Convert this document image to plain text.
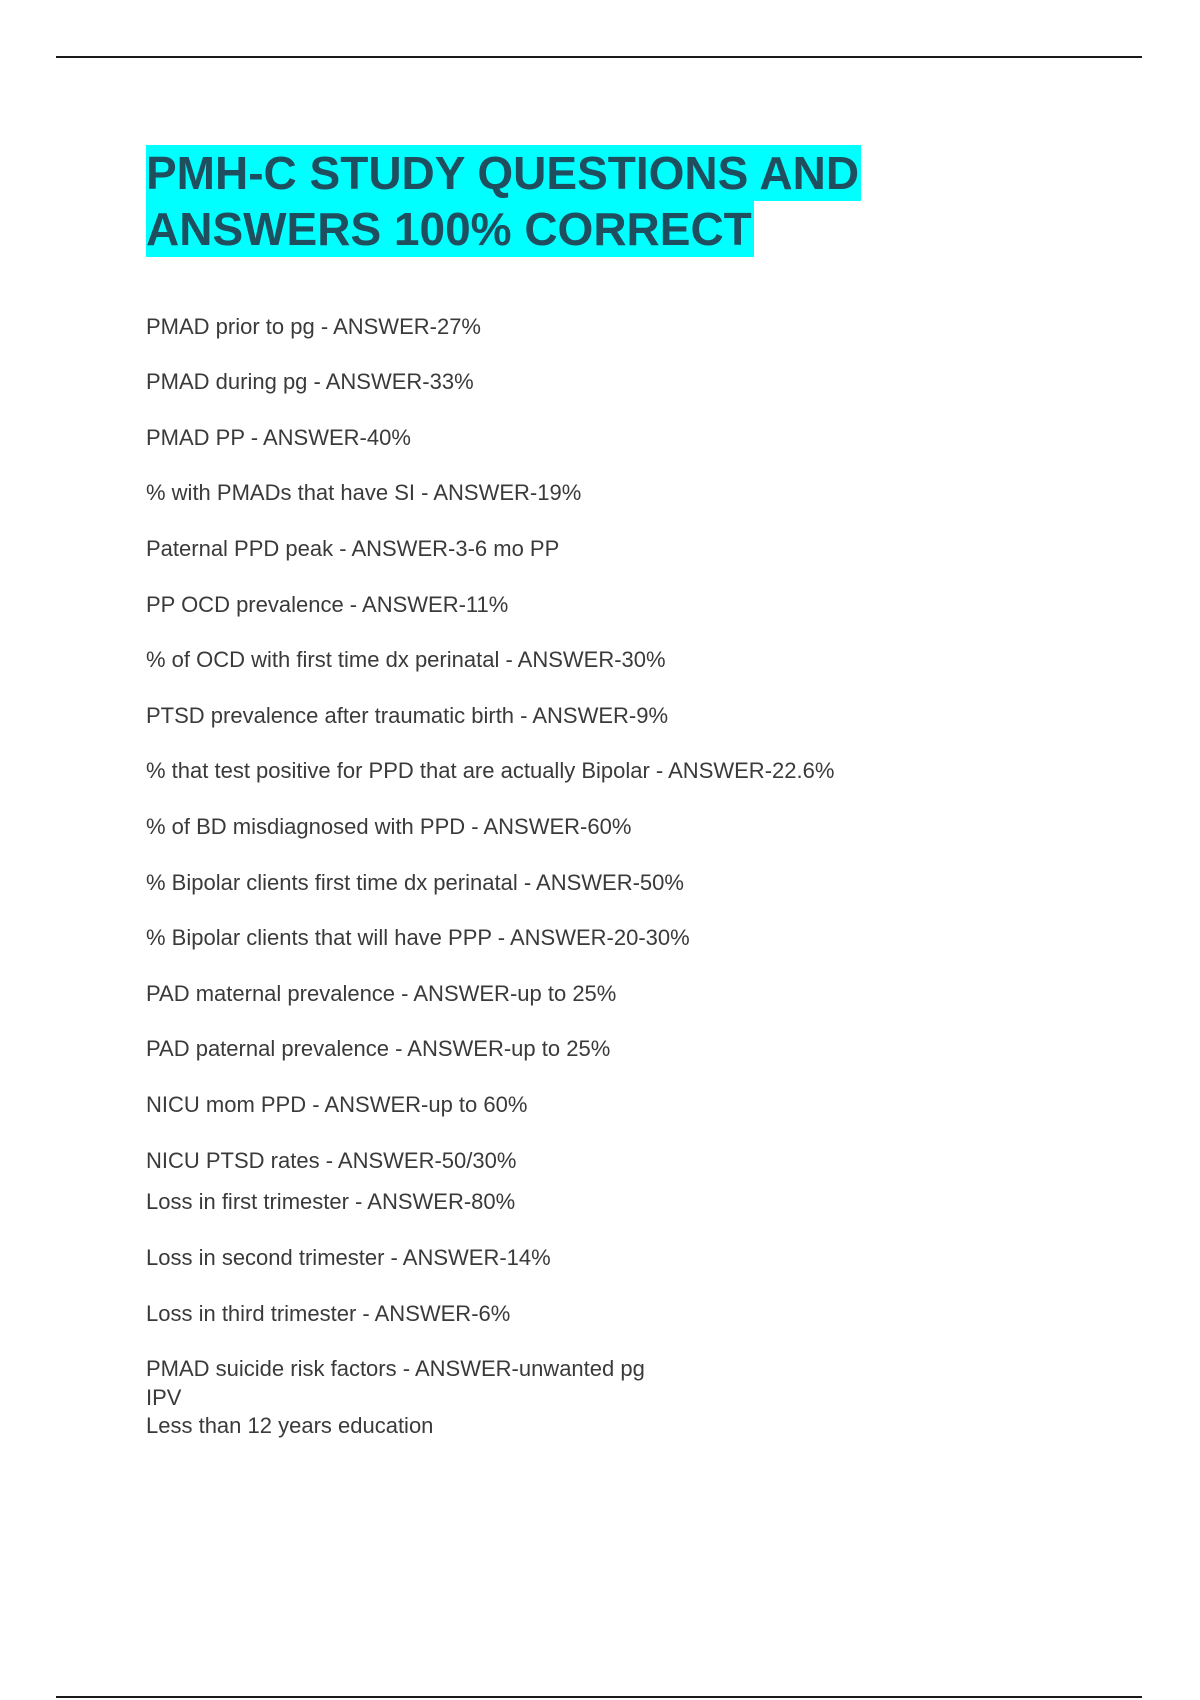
PMH-C STUDY QUESTIONS AND
ANSWERS 100% CORRECT

PMAD prior to pg - ANSWER-27%

PMAD during pg - ANSWER-33%

PMAD PP - ANSWER-40%

% with PMADs that have SI - ANSWER-19%

Paternal PPD peak - ANSWER-3-6 mo PP

PP OCD prevalence - ANSWER-11%

% of OCD with first time dx perinatal - ANSWER-30%

PTSD prevalence after traumatic birth - ANSWER-9%

% that test positive for PPD that are actually Bipolar - ANSWER-22.6%

% of BD misdiagnosed with PPD - ANSWER-60%

% Bipolar clients first time dx perinatal - ANSWER-50%

% Bipolar clients that will have PPP - ANSWER-20-30%

PAD maternal prevalence - ANSWER-up to 25%

PAD paternal prevalence - ANSWER-up to 25%

NICU mom PPD - ANSWER-up to 60%

NICU PTSD rates - ANSWER-50/30%

Loss in first trimester - ANSWER-80%

Loss in second trimester - ANSWER-14%

Loss in third trimester - ANSWER-6%

PMAD suicide risk factors - ANSWER-unwanted pg

IPV

Less than 12 years education
